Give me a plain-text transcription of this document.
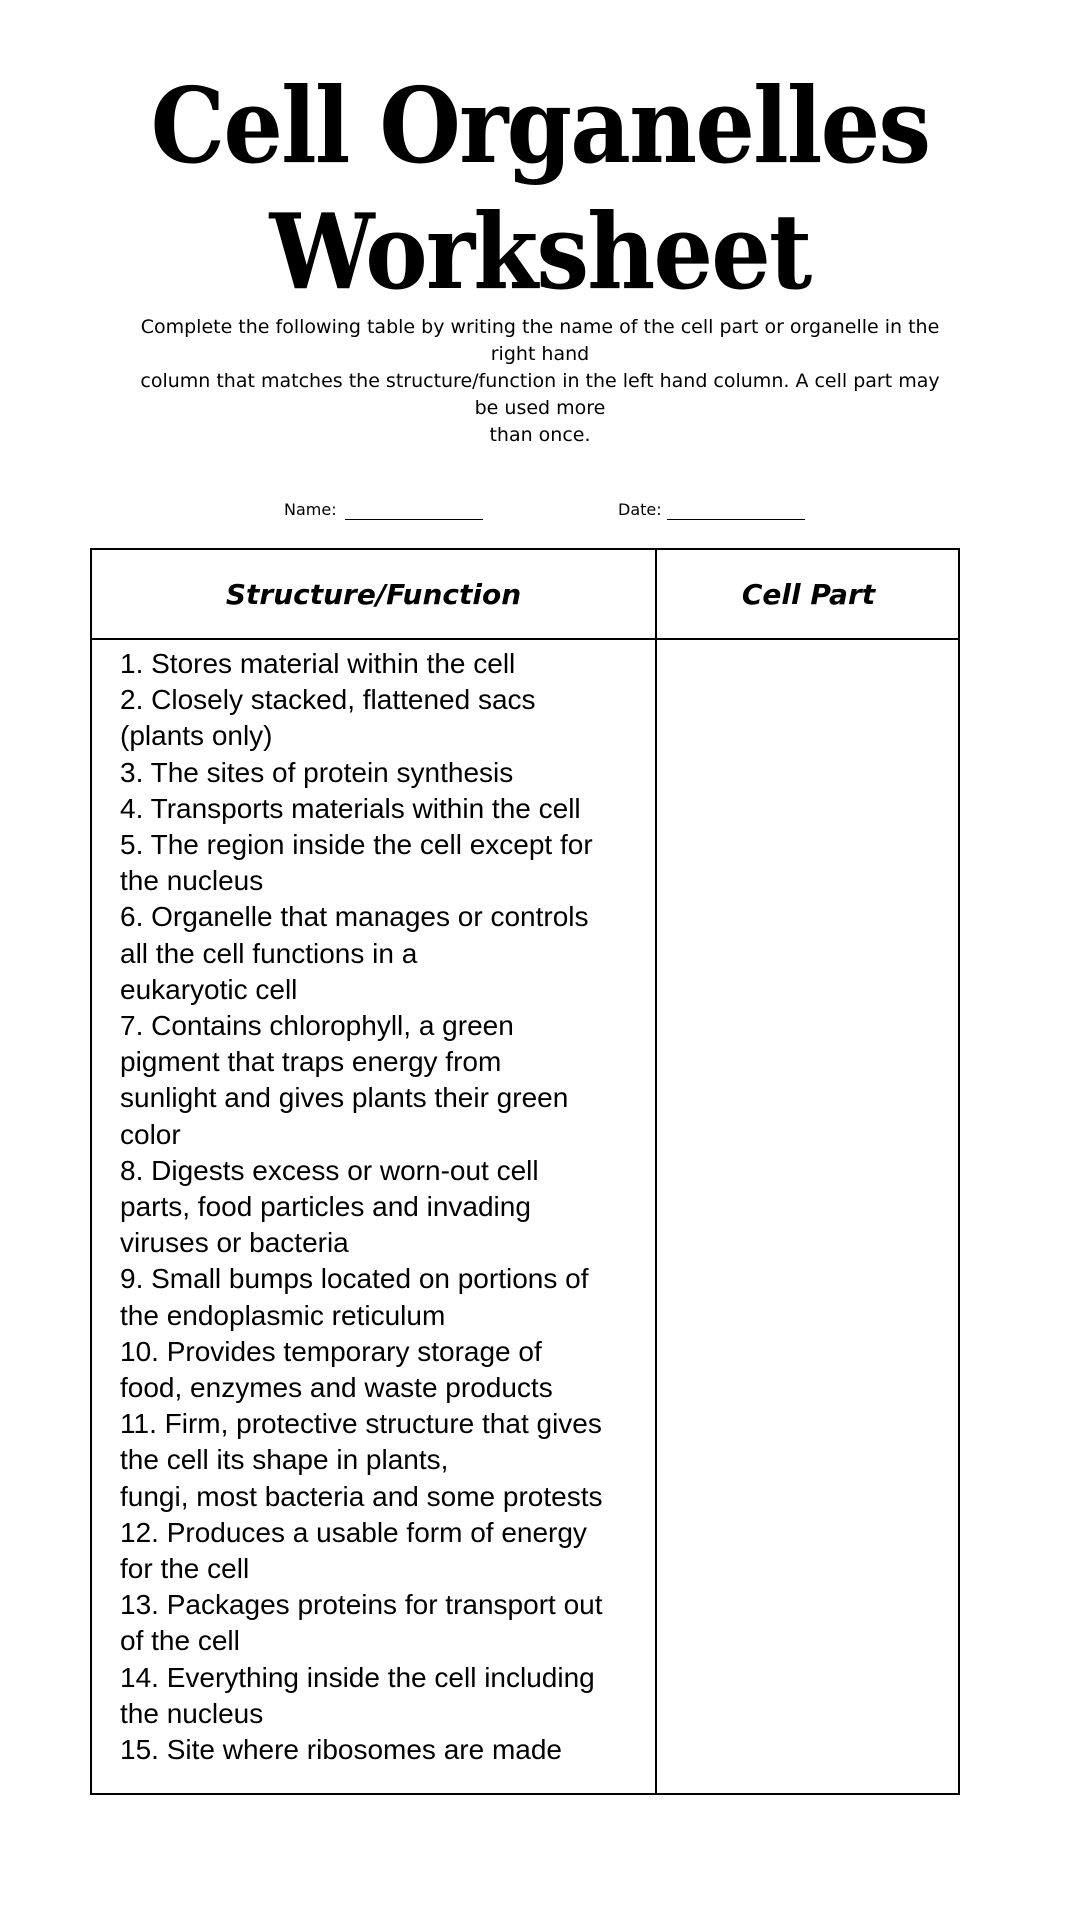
Cell Organelles
Worksheet
Complete the following table by writing the name of the cell part or organelle in the
right hand
column that matches the structure/function in the left hand column. A cell part may
be used more
than once.
Name:	Date:
Structure/Function	Cell Part
1. Stores material within the cell
2. Closely stacked, flattened sacs
(plants only)
3. The sites of protein synthesis
4. Transports materials within the cell
5. The region inside the cell except for
the nucleus
6. Organelle that manages or controls
all the cell functions in a
eukaryotic cell
7. Contains chlorophyll, a green
pigment that traps energy from
sunlight and gives plants their green
color
8. Digests excess or worn-out cell
parts, food particles and invading
viruses or bacteria
9. Small bumps located on portions of
the endoplasmic reticulum
10. Provides temporary storage of
food, enzymes and waste products
11. Firm, protective structure that gives
the cell its shape in plants,
fungi, most bacteria and some protests
12. Produces a usable form of energy
for the cell
13. Packages proteins for transport out
of the cell
14. Everything inside the cell including
the nucleus
15. Site where ribosomes are made
